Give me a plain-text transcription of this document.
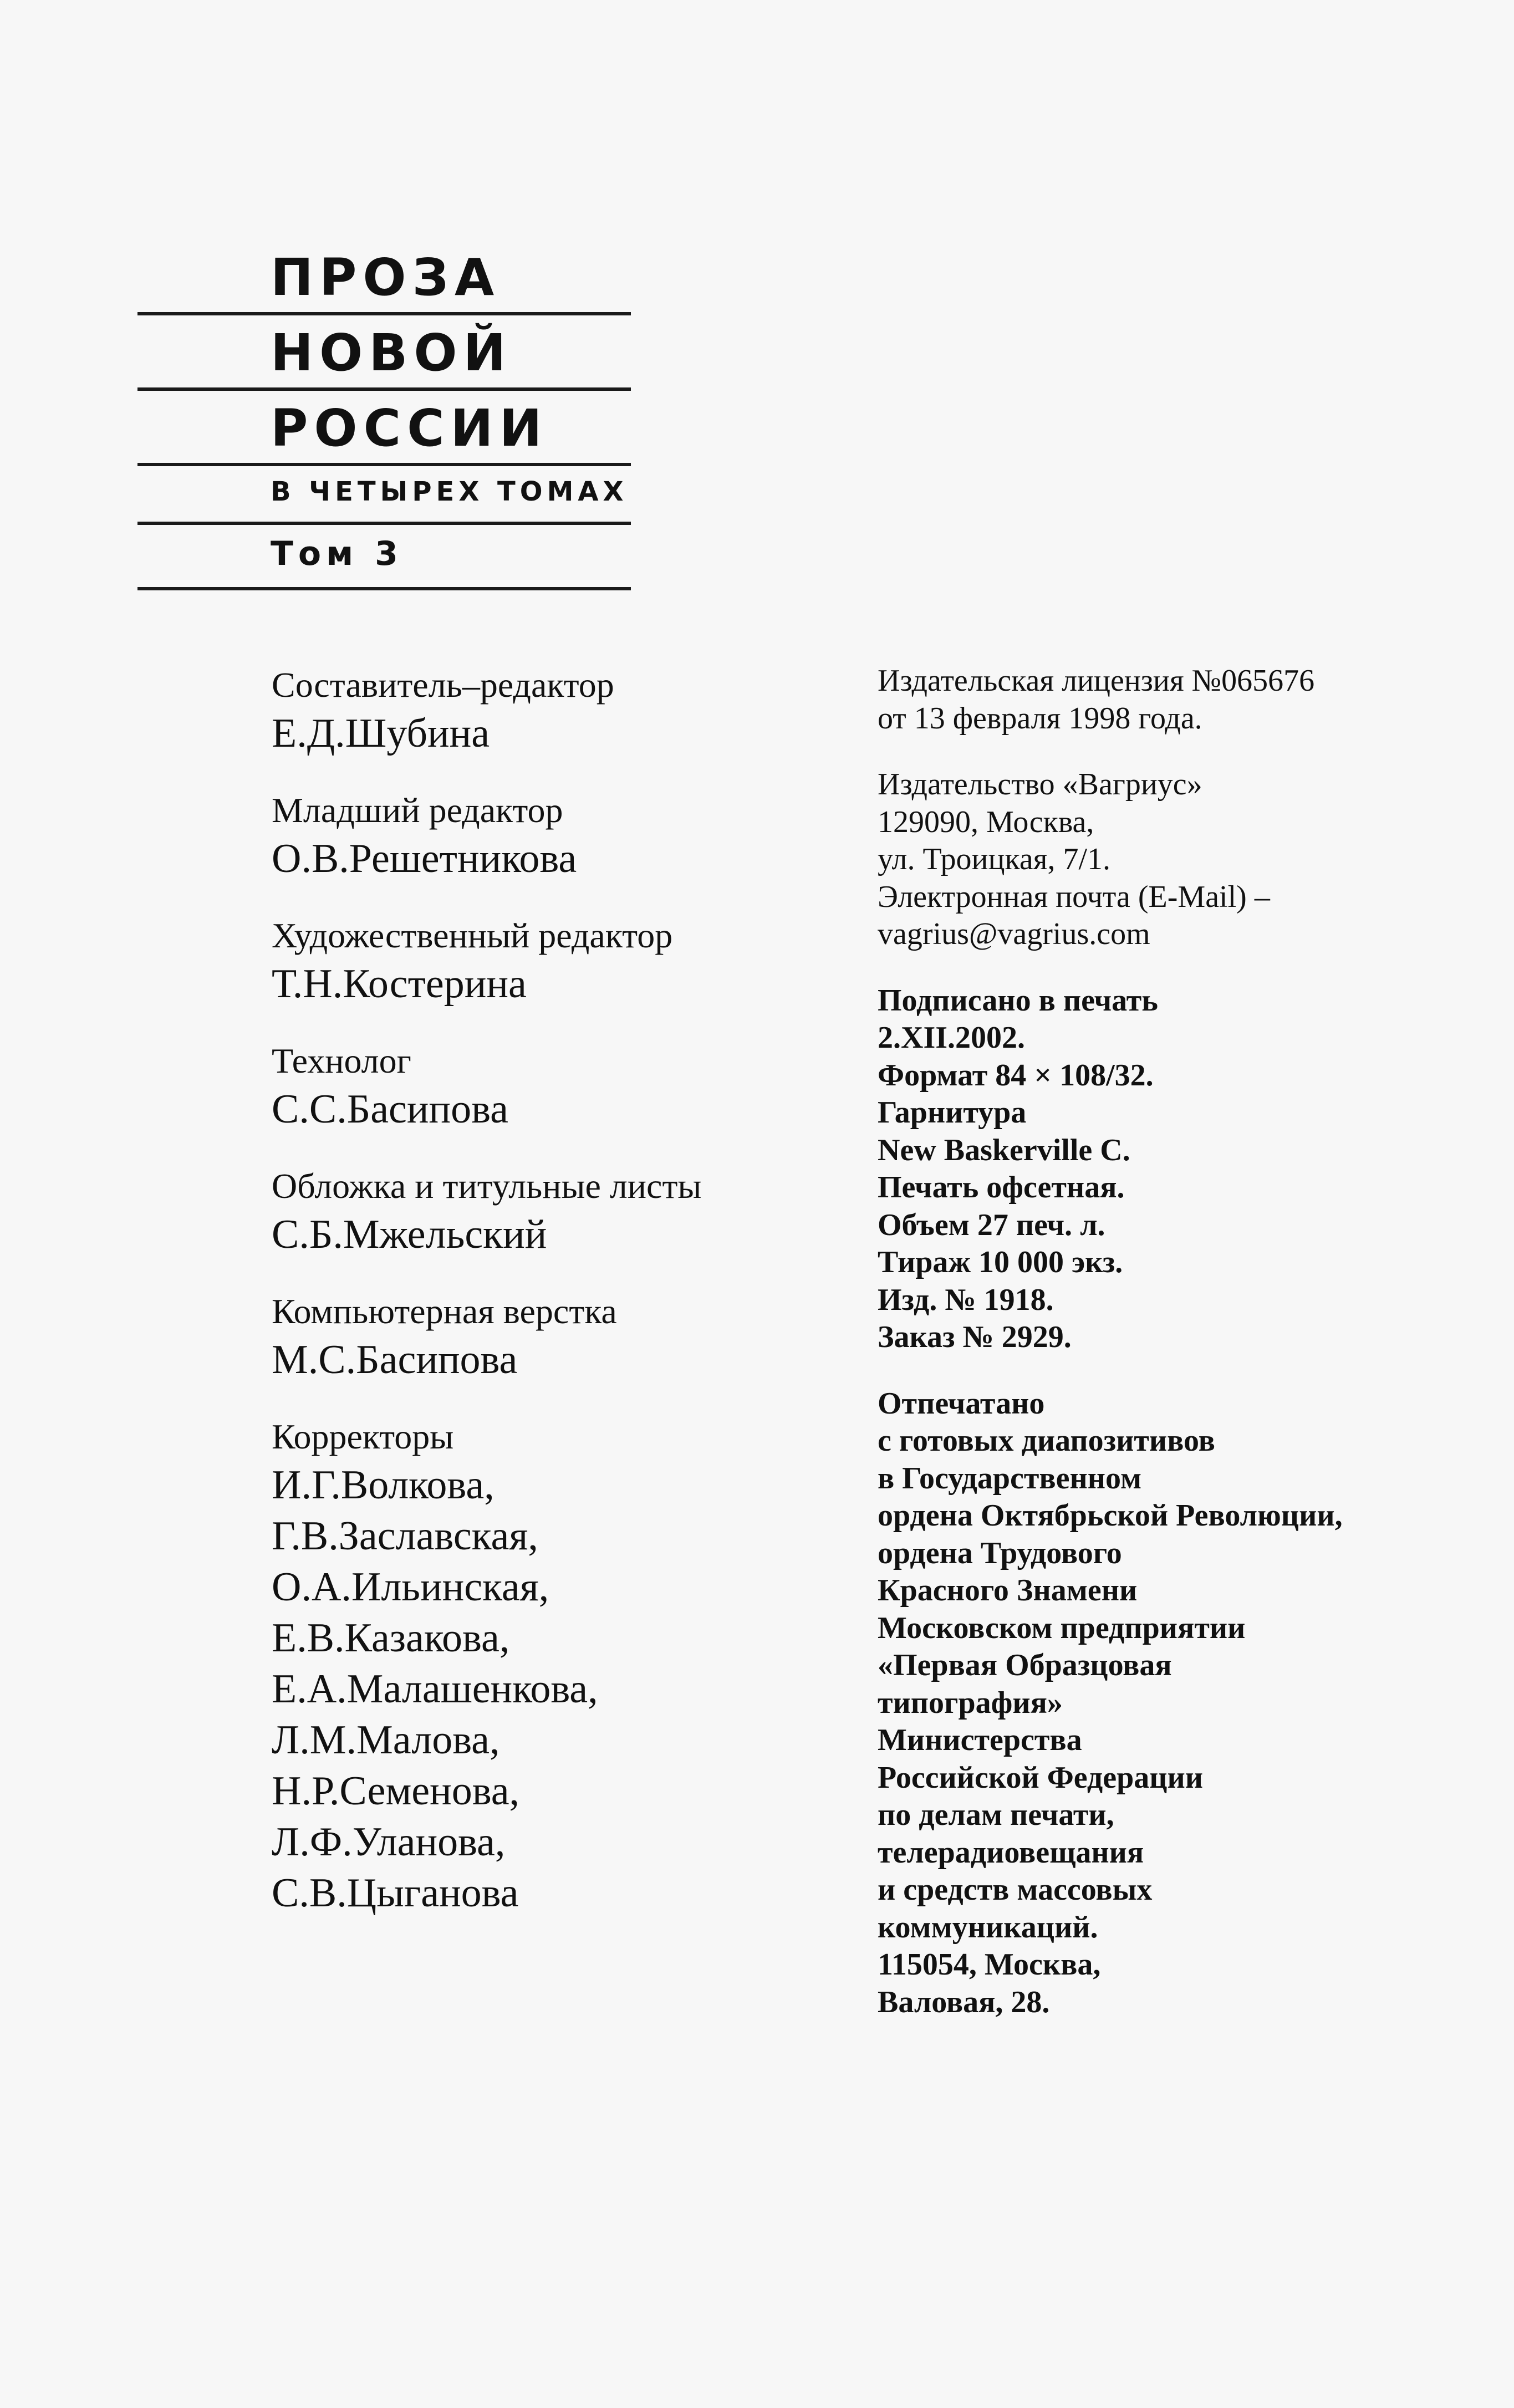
ПРОЗА
НОВОЙ
РОССИИ
В ЧЕТЫРЕХ ТОМАХ
Том 3
Составитель–редактор
Е.Д.Шубина
Младший редактор
О.В.Решетникова
Художественный редактор
Т.Н.Костерина
Технолог
С.С.Басипова
Обложка и титульные листы
С.Б.Мжельский
Компьютерная верстка
М.С.Басипова
Корректоры
И.Г.Волкова,
Г.В.Заславская,
О.А.Ильинская,
Е.В.Казакова,
Е.А.Малашенкова,
Л.М.Малова,
Н.Р.Семенова,
Л.Ф.Уланова,
С.В.Цыганова
Издательская лицензия №065676
от 13 февраля 1998 года.
Издательство «Вагриус»
129090, Москва,
ул. Троицкая, 7/1.
Электронная почта (E-Mail) –
vagrius@vagrius.com
Подписано в печать
2.XII.2002.
Формат 84 × 108/32.
Гарнитура
New Baskerville C.
Печать офсетная.
Объем 27 печ. л.
Тираж 10 000 экз.
Изд. № 1918.
Заказ № 2929.
Отпечатано
с готовых диапозитивов
в Государственном
ордена Октябрьской Революции,
ордена Трудового
Красного Знамени
Московском предприятии
«Первая Образцовая
типография»
Министерства
Российской Федерации
по делам печати,
телерадиовещания
и средств массовых
коммуникаций.
115054, Москва,
Валовая, 28.
